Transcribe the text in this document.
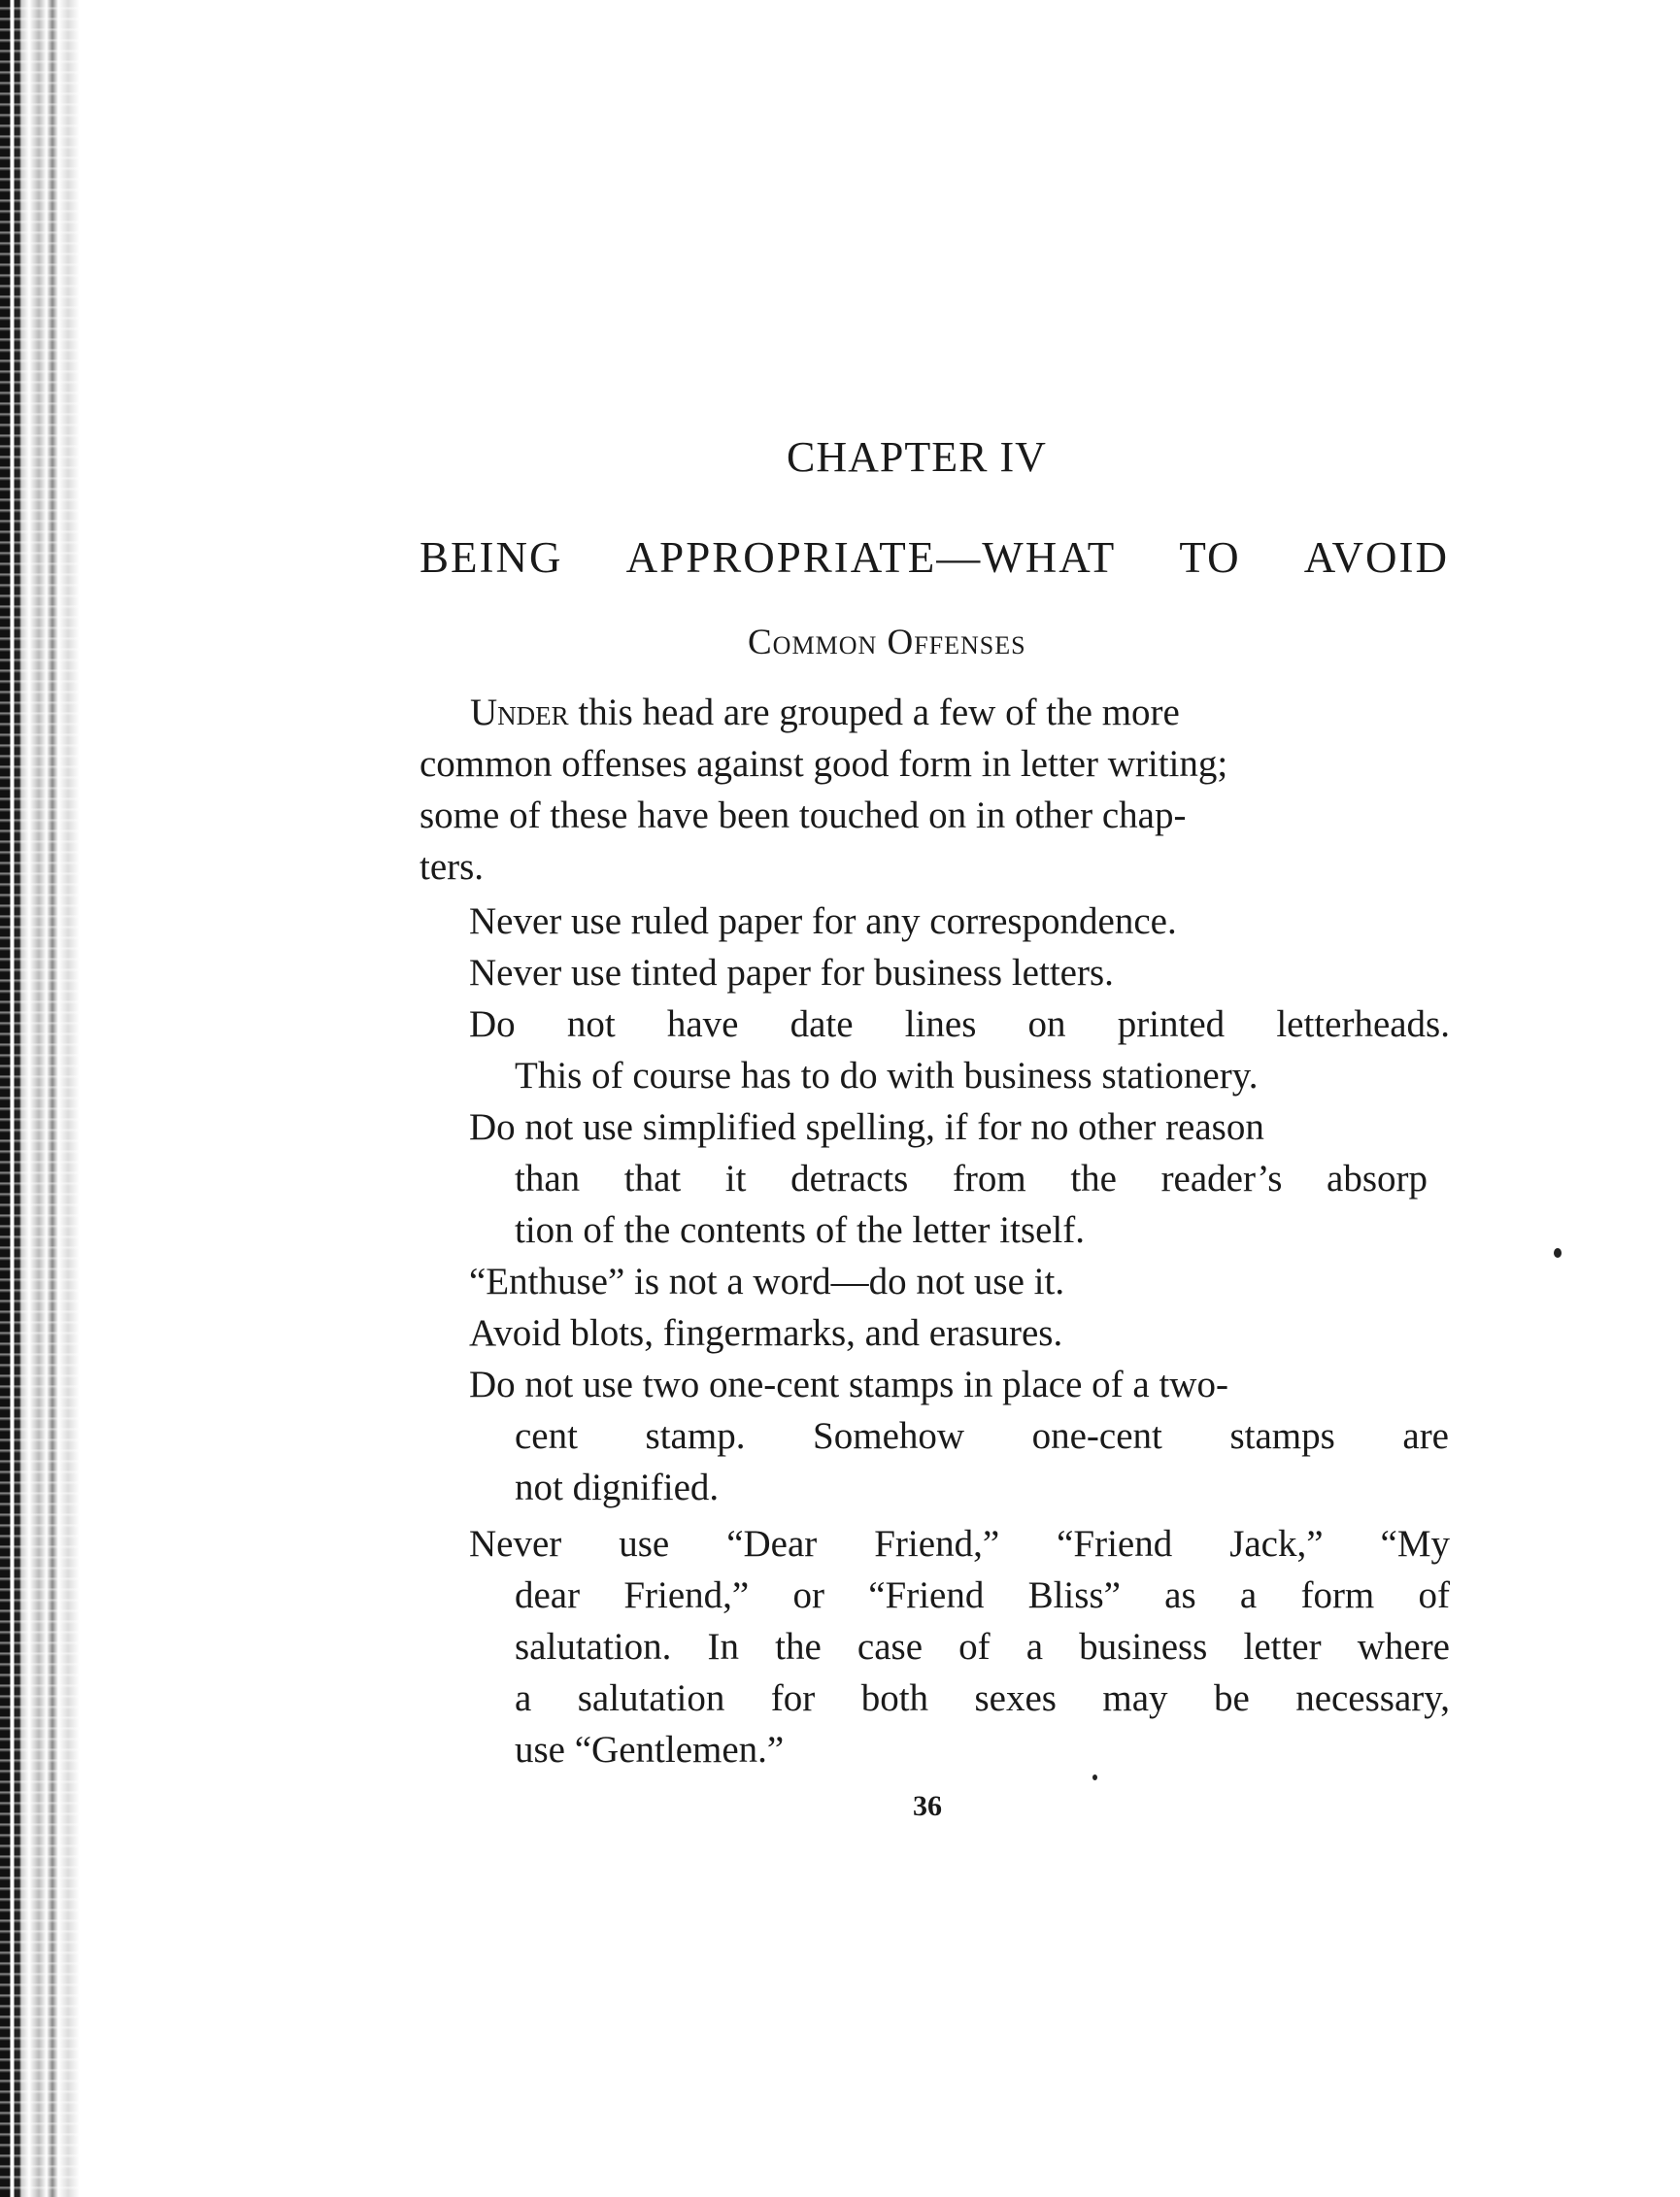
CHAPTER IV
BEING APPROPRIATE—WHAT TO AVOID
Common Offenses
Under this head are grouped a few of the more
common offenses against good form in letter writing;
some of these have been touched on in other chap-
ters.
Never use ruled paper for any correspondence.
Never use tinted paper for business letters.
Do not have date lines on printed letterheads.
This of course has to do with business stationery.
Do not use simplified spelling, if for no other reason
than that it detracts from the reader’s absorp
tion of the contents of the letter itself.
“Enthuse” is not a word—do not use it.
Avoid blots, fingermarks, and erasures.
Do not use two one-cent stamps in place of a two-
cent stamp. Somehow one-cent stamps are
not dignified.
Never use “Dear Friend,” “Friend Jack,” “My
dear Friend,” or “Friend Bliss” as a form of
salutation. In the case of a business letter where
a salutation for both sexes may be necessary,
use “Gentlemen.”
36
